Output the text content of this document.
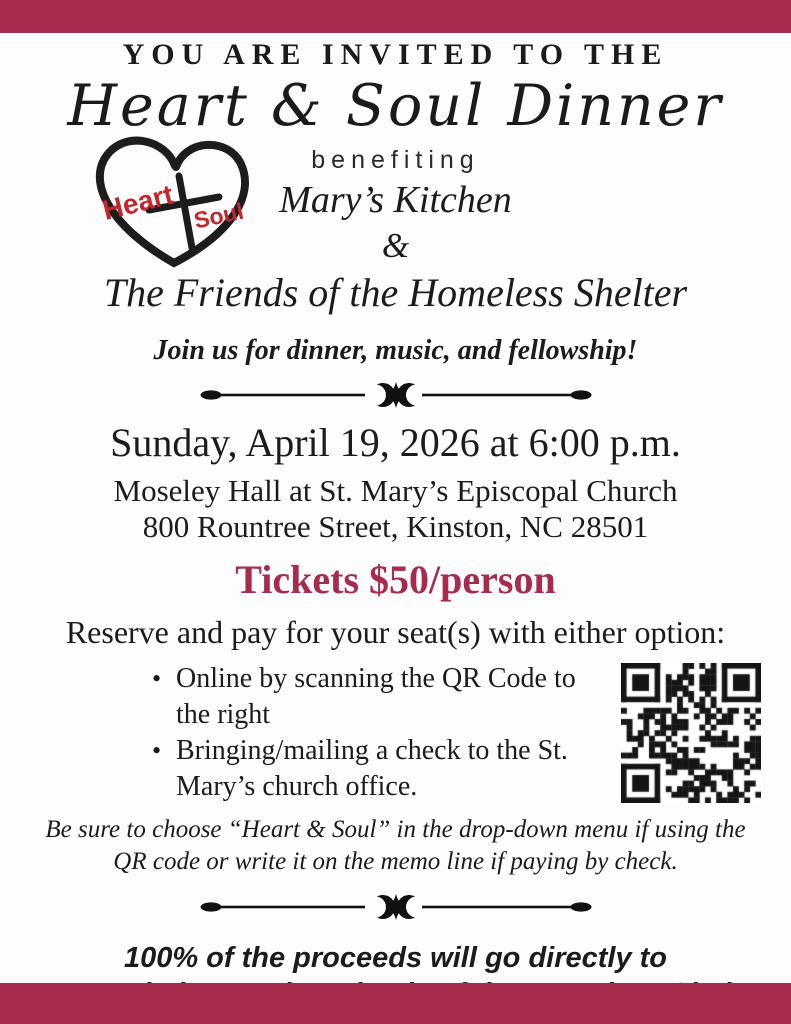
YOU ARE INVITED TO THE
Heart & Soul Dinner
Heart Soul
benefiting
Mary’s Kitchen
&
The Friends of the Homeless Shelter
Join us for dinner, music, and fellowship!
Sunday, April 19, 2026 at 6:00 p.m.
Moseley Hall at St. Mary’s Episcopal Church
800 Rountree Street, Kinston, NC 28501
Tickets $50/person
Reserve and pay for your seat(s) with either option:
• Online by scanning the QR Code to the right
• Bringing/mailing a check to the St. Mary’s church office.
Be sure to choose “Heart & Soul” in the drop-down menu if using the
QR code or write it on the memo line if paying by check.
100% of the proceeds will go directly to
